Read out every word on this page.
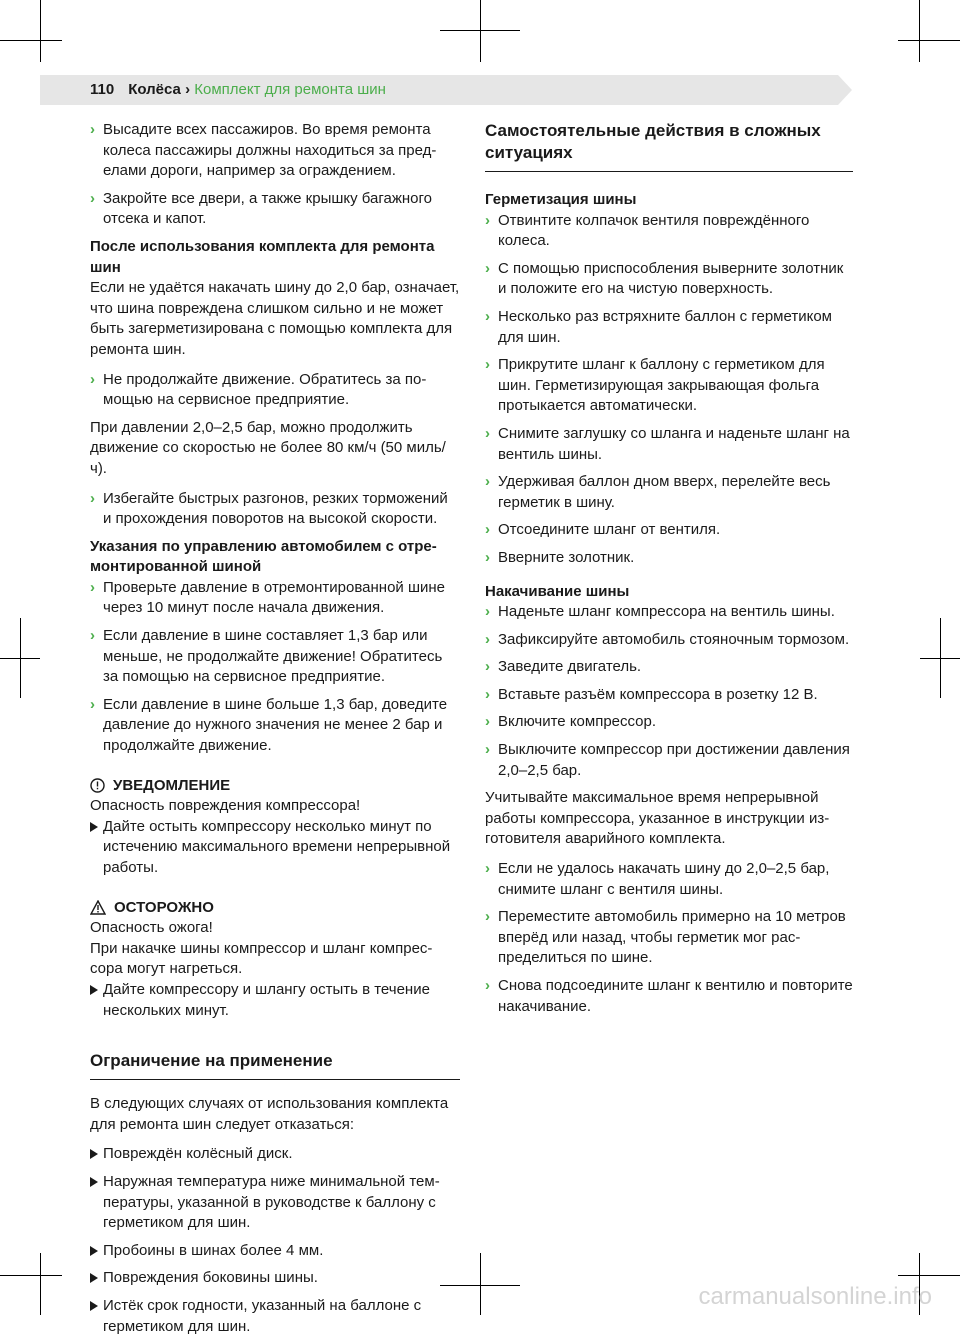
110 Колёса › Комплект для ремонта шин
› Высадите всех пассажиров. Во время ремонта колеса пассажиры должны находиться за пределами дороги, например за ограждением.
› Закройте все двери, а также крышку багажного отсека и капот.
После использования комплекта для ремонта шин

Если не удаётся накачать шину до 2,0 бар, означает, что шина повреждена слишком сильно и не может быть загерметизирована с помощью комплекта для ремонта шин.

› Не продолжайте движение. Обратитесь за помощью на сервисное предприятие.

При давлении 2,0–2,5 бар, можно продолжить движение со скоростью не более 80 км/ч (50 миль/ч).

› Избегайте быстрых разгонов, резких торможений и прохождения поворотов на высокой скорости.
Указания по управлению автомобилем с отремонтированной шиной
› Проверьте давление в отремонтированной шине через 10 минут после начала движения.
› Если давление в шине составляет 1,3 бар или меньше, не продолжайте движение! Обратитесь за помощью на сервисное предприятие.
› Если давление в шине больше 1,3 бар, доведите давление до нужного значения не менее 2 бар и продолжайте движение.
УВЕДОМЛЕНИЕ
Опасность повреждения компрессора!
Дайте остыть компрессору несколько минут по истечению максимального времени непрерывной работы.
ОСТОРОЖНО
Опасность ожога!
При накачке шины компрессор и шланг компрессора могут нагреться.
Дайте компрессору и шлангу остыть в течение нескольких минут.
Ограничение на применение

В следующих случаях от использования комплекта для ремонта шин следует отказаться:

Повреждён колёсный диск.
Наружная температура ниже минимальной температуры, указанной в руководстве к баллону с герметиком для шин.
Пробоины в шинах более 4 мм.
Повреждения боковины шины.
Истёк срок годности, указанный на баллоне с герметиком для шин.
Самостоятельные действия в сложных ситуациях
Герметизация шины
› Отвинтите колпачок вентиля повреждённого колеса.
› С помощью приспособления выверните золотник и положите его на чистую поверхность.
› Несколько раз встряхните баллон с герметиком для шин.
› Прикрутите шланг к баллону с герметиком для шин. Герметизирующая закрывающая фольга протыкается автоматически.
› Снимите заглушку со шланга и наденьте шланг на вентиль шины.
› Удерживая баллон дном вверх, перелейте весь герметик в шину.
› Отсоедините шланг от вентиля.
› Вверните золотник.
Накачивание шины
› Наденьте шланг компрессора на вентиль шины.
› Зафиксируйте автомобиль стояночным тормозом.
› Заведите двигатель.
› Вставьте разъём компрессора в розетку 12 В.
› Включите компрессор.
› Выключите компрессор при достижении давления 2,0–2,5 бар.

Учитывайте максимальное время непрерывной работы компрессора, указанное в инструкции изготовителя аварийного комплекта.

› Если не удалось накачать шину до 2,0–2,5 бар, снимите шланг с вентиля шины.
› Переместите автомобиль примерно на 10 метров вперёд или назад, чтобы герметик мог распределиться по шине.
› Снова подсоедините шланг к вентилю и повторите накачивание.
carmanualsonline.info
